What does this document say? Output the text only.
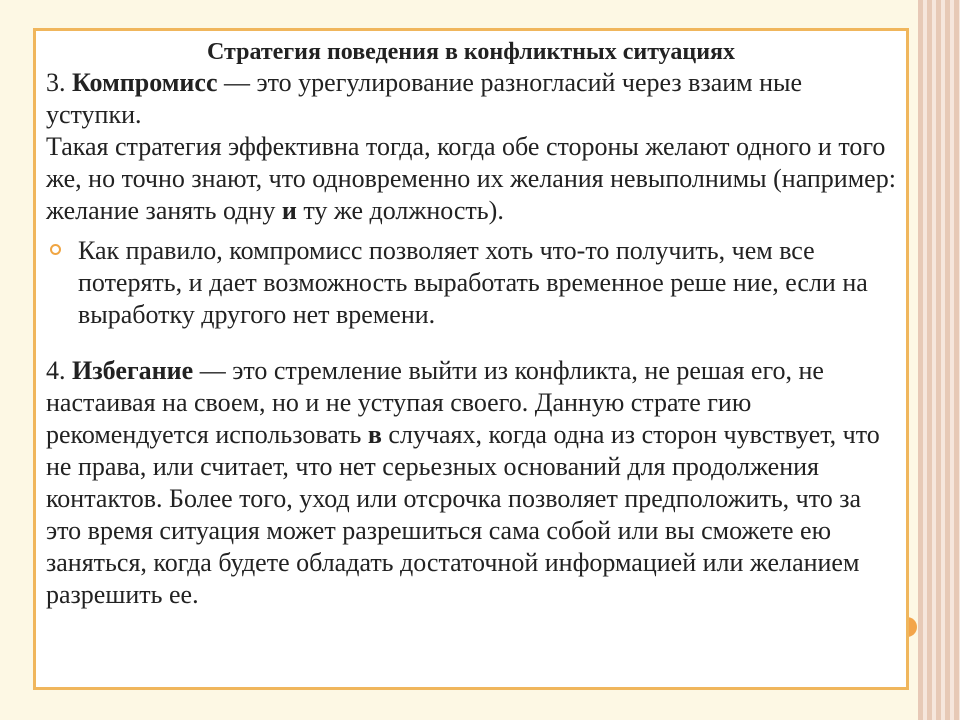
Стратегия поведения в конфликтных ситуациях

3. Компромисс — это урегулирование разногласий через взаим ные уступки.

Такая стратегия эффективна тогда, когда обе стороны желают одного и того же, но точно знают, что одновременно их желания невыполнимы (например: желание занять одну и ту же должность).

Как правило, компромисс позволяет хоть что-то получить, чем все потерять, и дает возможность выработать временное реше ние, если на выработку другого нет времени.

4. Избегание — это стремление выйти из конфликта, не решая его, не настаивая на своем, но и не уступая своего. Данную страте гию рекомендуется использовать в случаях, когда одна из сторон чувствует, что не права, или считает, что нет серьезных оснований для продолжения контактов. Более того, уход или отсрочка позволяет предположить, что за это время ситуация может разрешиться сама собой или вы сможете ею заняться, когда будете обладать достаточной информацией или желанием разрешить ее.
